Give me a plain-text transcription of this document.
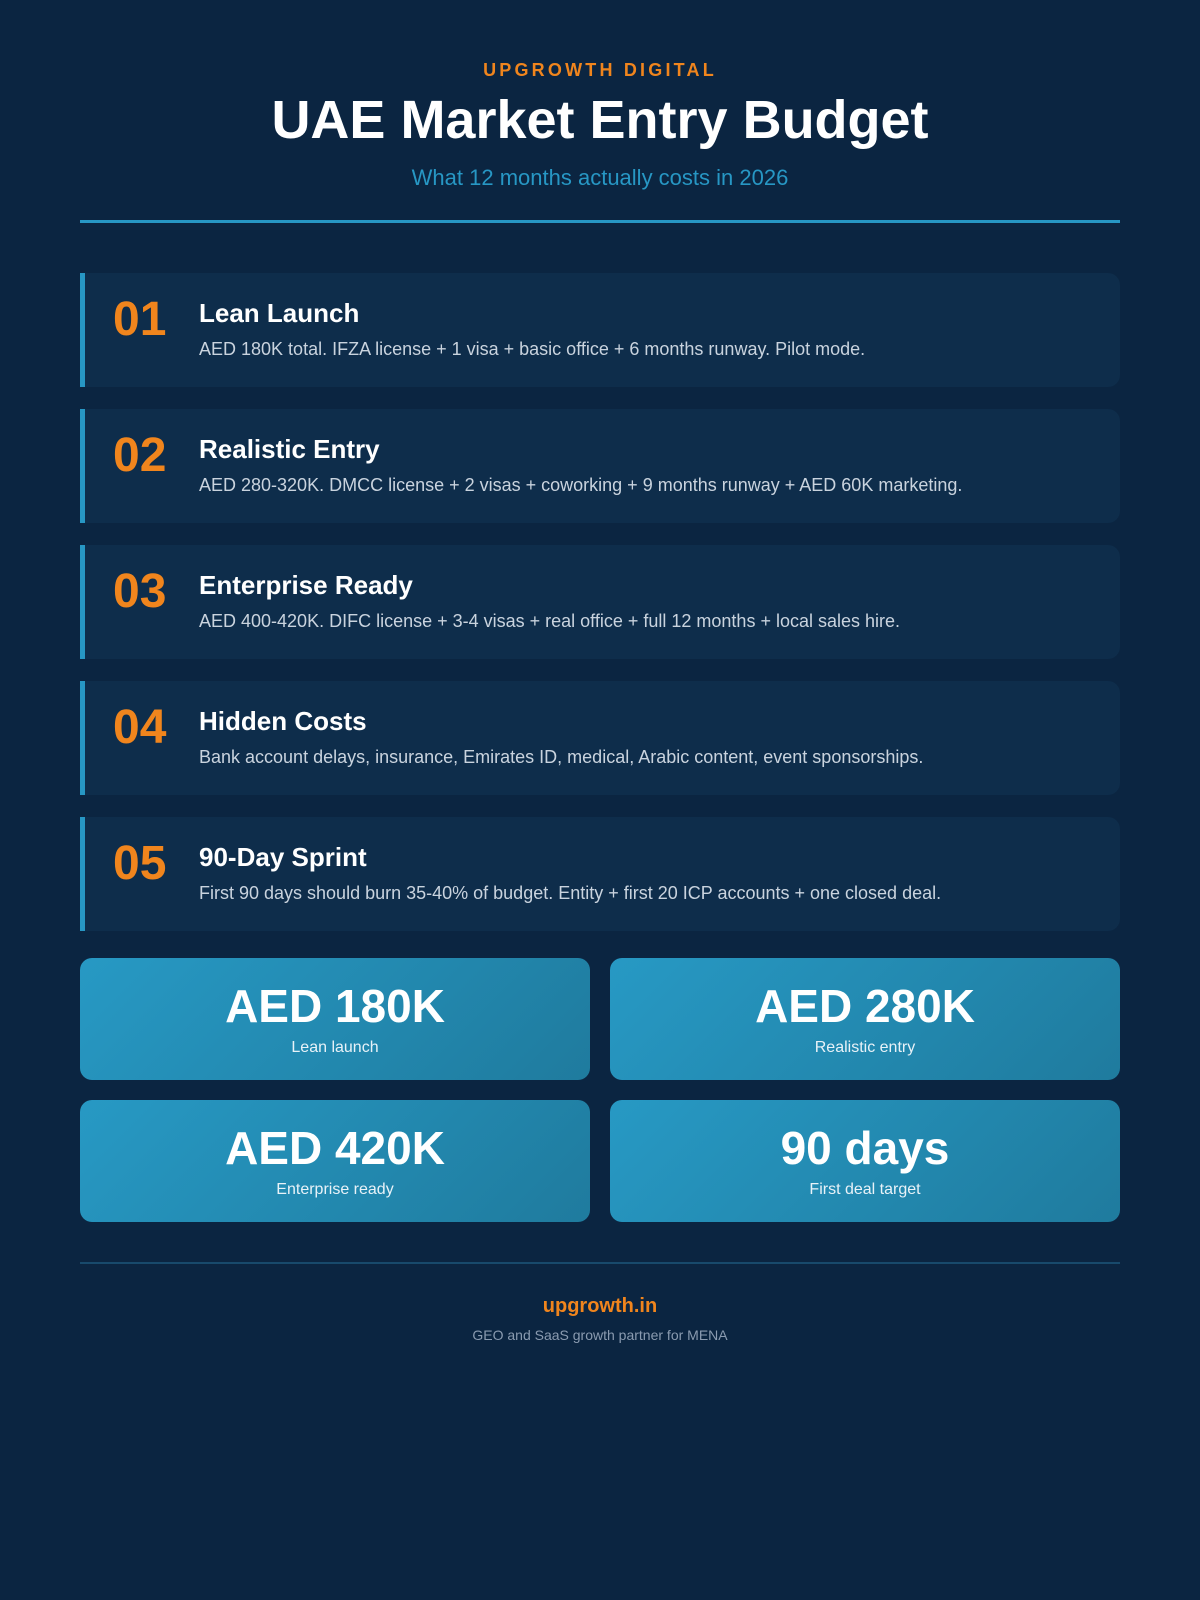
UPGROWTH DIGITAL
UAE Market Entry Budget
What 12 months actually costs in 2026
01	Lean Launch
AED 180K total. IFZA license + 1 visa + basic office + 6 months runway. Pilot mode.
02	Realistic Entry
AED 280-320K. DMCC license + 2 visas + coworking + 9 months runway + AED 60K marketing.
03	Enterprise Ready
AED 400-420K. DIFC license + 3-4 visas + real office + full 12 months + local sales hire.
04	Hidden Costs
Bank account delays, insurance, Emirates ID, medical, Arabic content, event sponsorships.
05	90-Day Sprint
First 90 days should burn 35-40% of budget. Entity + first 20 ICP accounts + one closed deal.
AED 180K
Lean launch
AED 280K
Realistic entry
AED 420K
Enterprise ready
90 days
First deal target
upgrowth.in
GEO and SaaS growth partner for MENA
